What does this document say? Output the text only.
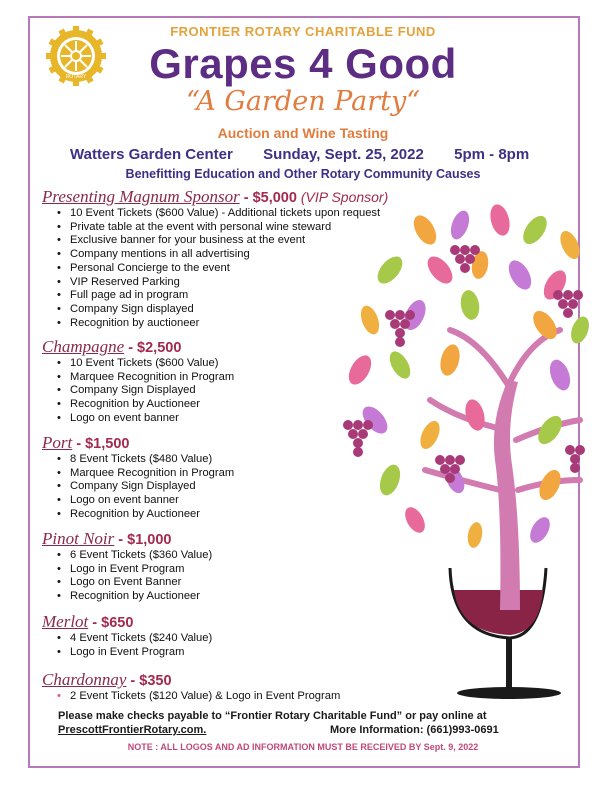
ROTARY
FRONTIER ROTARY CHARITABLE FUND
Grapes 4 Good
“A Garden Party“
Auction and Wine Tasting
Watters Garden Center Sunday, Sept. 25, 2022 5pm - 8pm
Benefitting Education and Other Rotary Community Causes
Presenting Magnum Sponsor - $5,000 (VIP Sponsor)
• 10 Event Tickets ($600 Value) - Additional tickets upon request
• Private table at the event with personal wine steward
• Exclusive banner for your business at the event
• Company mentions in all advertising
• Personal Concierge to the event
• VIP Reserved Parking
• Full page ad in program
• Company Sign displayed
• Recognition by auctioneer
Champagne - $2,500
• 10 Event Tickets ($600 Value)
• Marquee Recognition in Program
• Company Sign Displayed
• Recognition by Auctioneer
• Logo on event banner
Port - $1,500
• 8 Event Tickets ($480 Value)
• Marquee Recognition in Program
• Company Sign Displayed
• Logo on event banner
• Recognition by Auctioneer
Pinot Noir - $1,000
• 6 Event Tickets ($360 Value)
• Logo in Event Program
• Logo on Event Banner
• Recognition by Auctioneer
Merlot - $650
• 4 Event Tickets ($240 Value)
• Logo in Event Program
Chardonnay - $350
• 2 Event Tickets ($120 Value) & Logo in Event Program
Please make checks payable to “Frontier Rotary Charitable Fund” or pay online at
PrescottFrontierRotary.com.	More Information: (661)993-0691
NOTE : ALL LOGOS AND AD INFORMATION MUST BE RECEIVED BY Sept. 9, 2022
